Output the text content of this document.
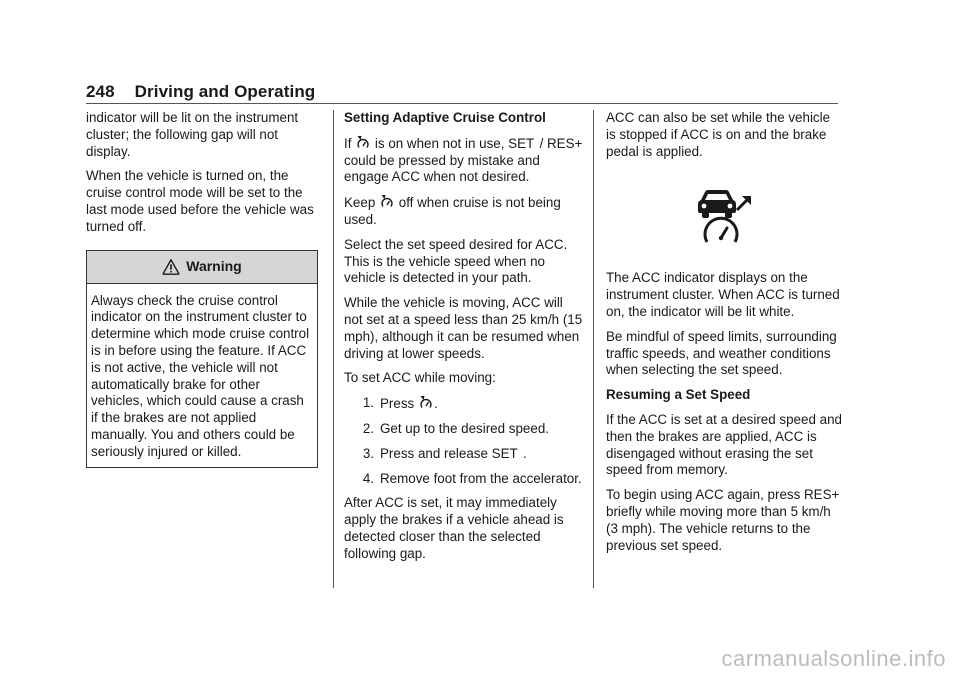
248 Driving and Operating

indicator will be lit on the instrument cluster; the following gap will not display.

When the vehicle is turned on, the cruise control mode will be set to the last mode used before the vehicle was turned off.

Warning
Always check the cruise control indicator on the instrument cluster to determine which mode cruise control is in before using the feature. If ACC is not active, the vehicle will not automatically brake for other vehicles, which could cause a crash if the brakes are not applied manually. You and others could be seriously injured or killed.

Setting Adaptive Cruise Control

If is on when not in use, SET  / RES+ could be pressed by mistake and engage ACC when not desired.

Keep off when cruise is not being used.

Select the set speed desired for ACC. This is the vehicle speed when no vehicle is detected in your path.

While the vehicle is moving, ACC will not set at a speed less than 25 km/h (15 mph), although it can be resumed when driving at lower speeds.

To set ACC while moving:

1. Press .
2. Get up to the desired speed.
3. Press and release SET  .
4. Remove foot from the accelerator.

After ACC is set, it may immediately apply the brakes if a vehicle ahead is detected closer than the selected following gap.

ACC can also be set while the vehicle is stopped if ACC is on and the brake pedal is applied.

The ACC indicator displays on the instrument cluster. When ACC is turned on, the indicator will be lit white.

Be mindful of speed limits, surrounding traffic speeds, and weather conditions when selecting the set speed.

Resuming a Set Speed

If the ACC is set at a desired speed and then the brakes are applied, ACC is disengaged without erasing the set speed from memory.

To begin using ACC again, press RES+ briefly while moving more than 5 km/h (3 mph). The vehicle returns to the previous set speed.

carmanualsonline.info
